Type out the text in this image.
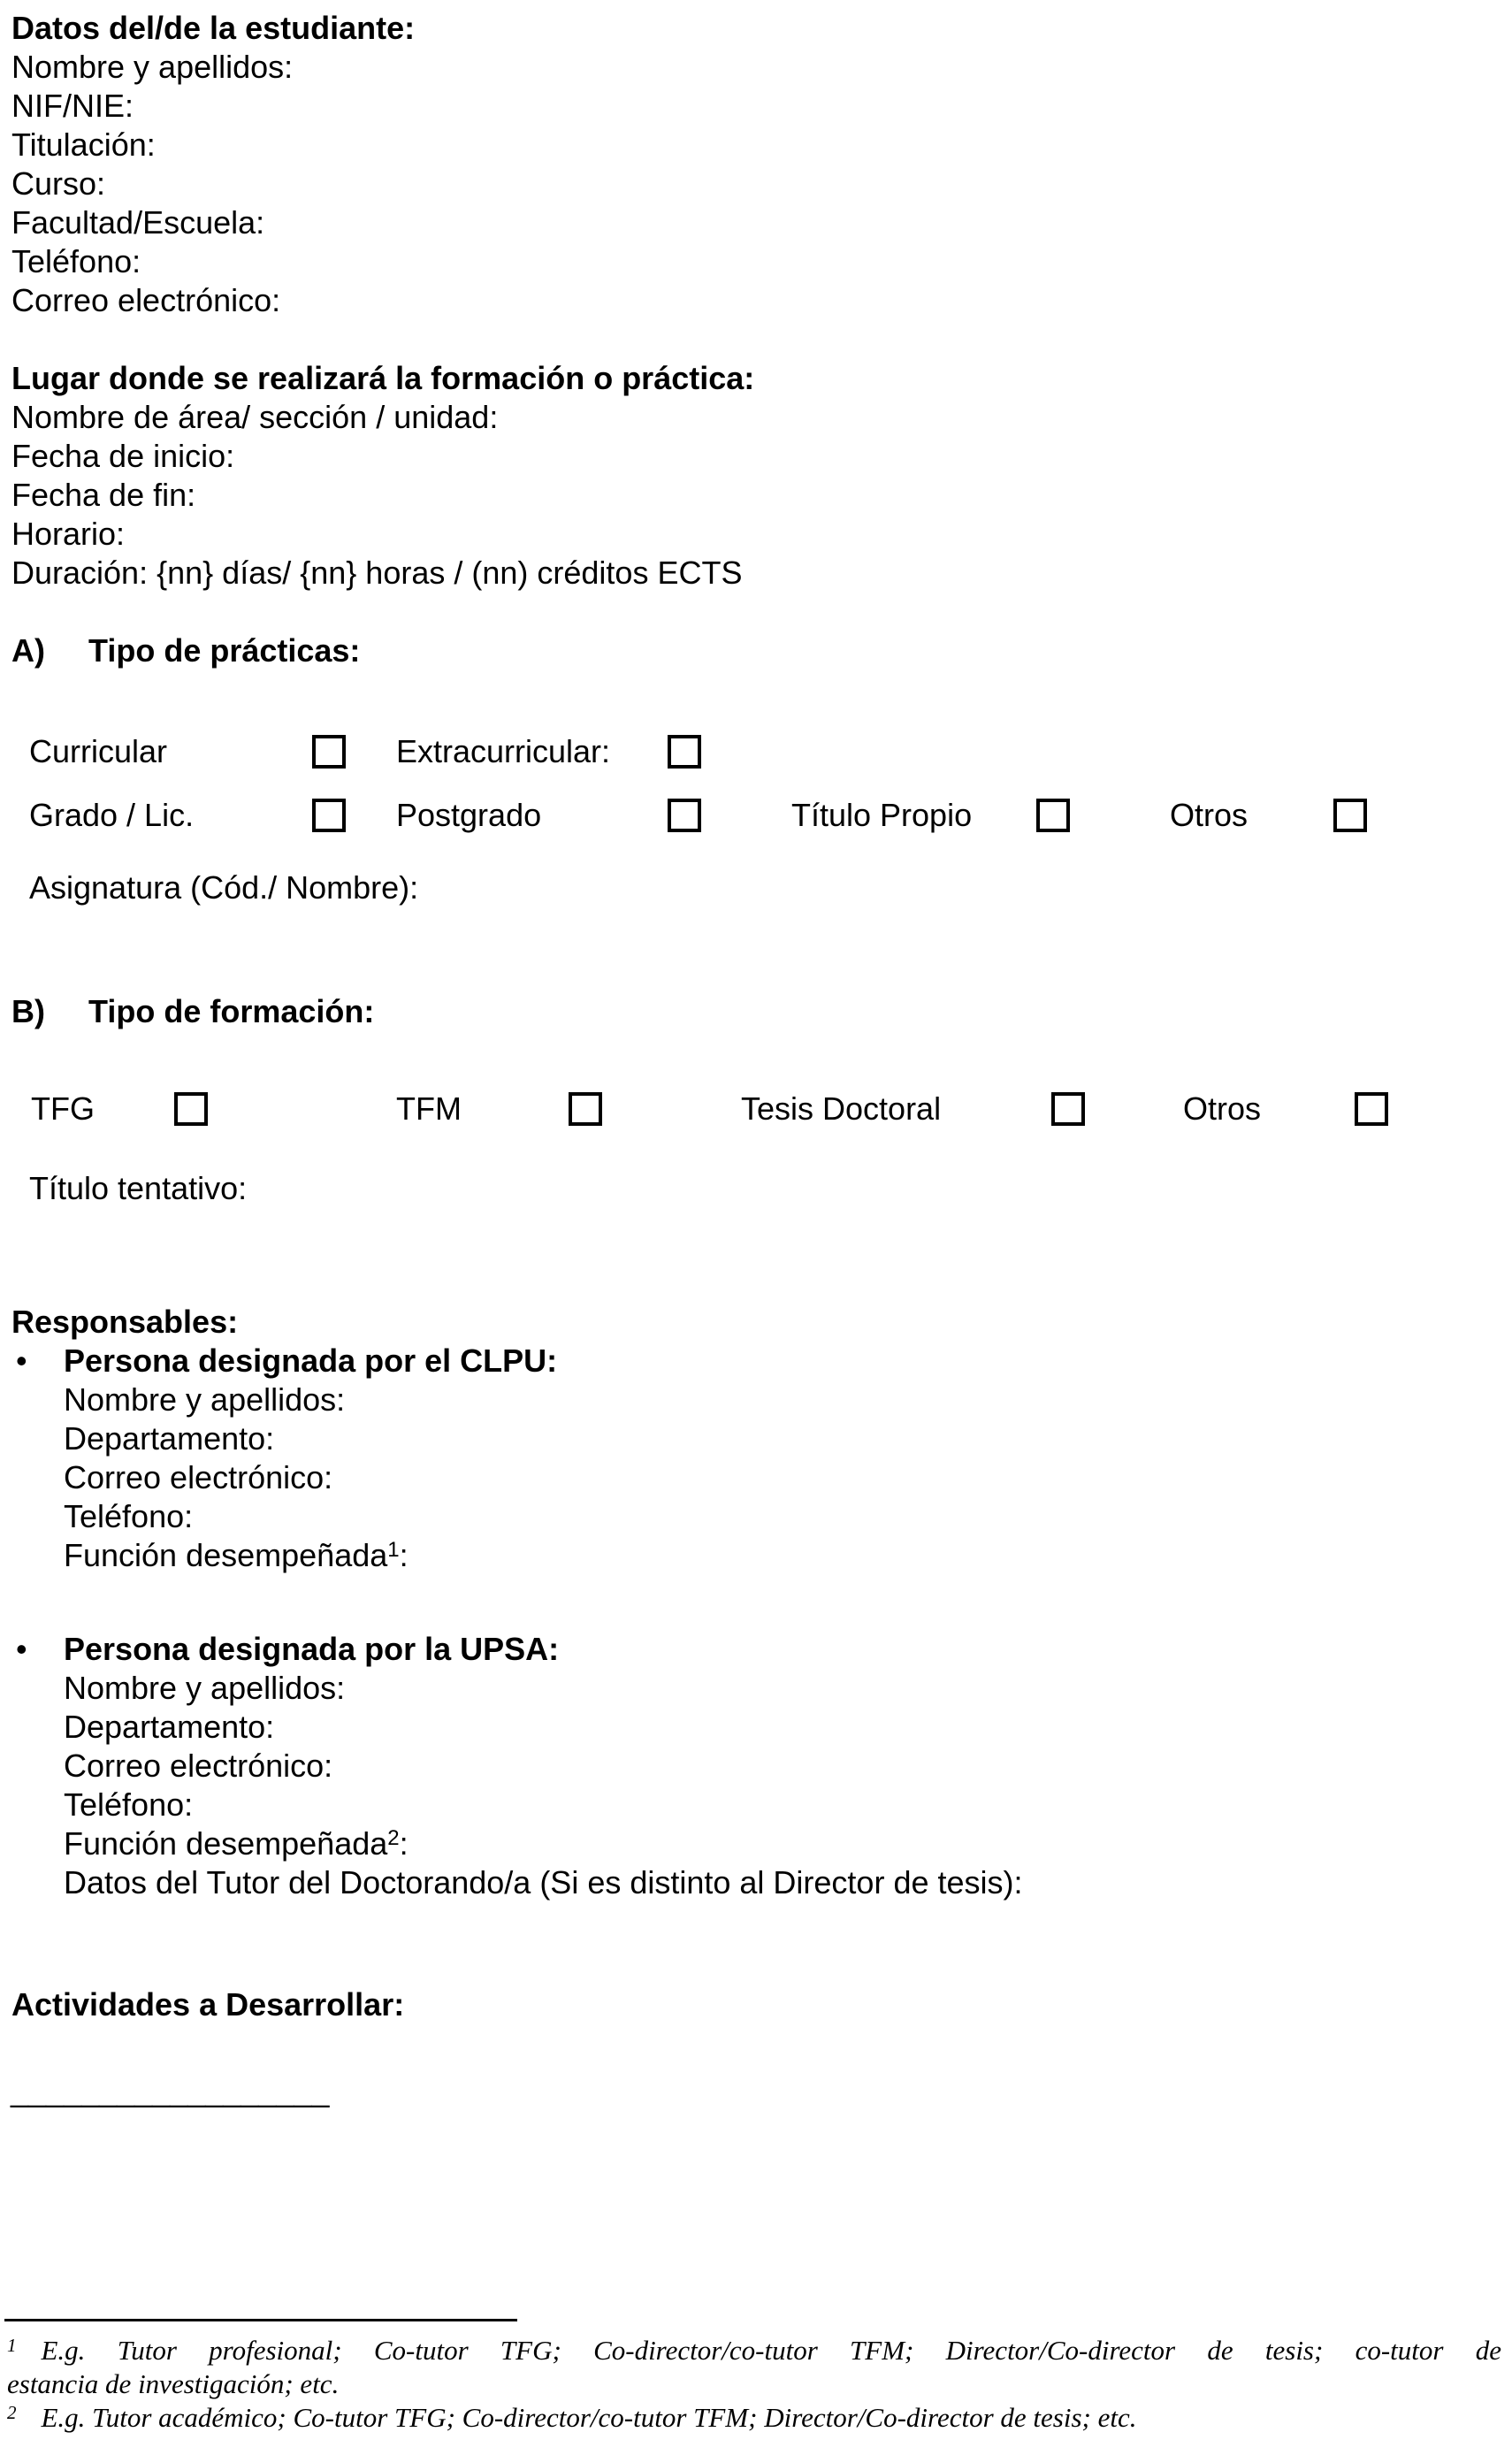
Datos del/de la estudiante:
Nombre y apellidos:
NIF/NIE:
Titulación:
Curso:
Facultad/Escuela:
Teléfono:
Correo electrónico:
Lugar donde se realizará la formación o práctica:
Nombre de área/ sección / unidad:
Fecha de inicio:
Fecha de fin:
Horario:
Duración: {nn} días/ {nn} horas / (nn) créditos ECTS
A) Tipo de prácticas:
Curricular	Extracurricular:
Grado / Lic.	Postgrado	Título Propio	Otros
Asignatura (Cód./ Nombre):
B) Tipo de formación:
TFG	TFM	Tesis Doctoral	Otros
Título tentativo:
Responsables:
• Persona designada por el CLPU:
Nombre y apellidos:
Departamento:
Correo electrónico:
Teléfono:
Función desempeñada$^1$:
• Persona designada por la UPSA:
Nombre y apellidos:
Departamento:
Correo electrónico:
Teléfono:
Función desempeñada$^2$:
Datos del Tutor del Doctorando/a (Si es distinto al Director de tesis):
Actividades a Desarrollar:
__________________
$^1$ E.g. Tutor profesional; Co-tutor TFG; Co-director/co-tutor TFM; Director/Co-director de tesis; co-tutor de
estancia de investigación; etc.
$^2$ E.g. Tutor académico; Co-tutor TFG; Co-director/co-tutor TFM; Director/Co-director de tesis; etc.
